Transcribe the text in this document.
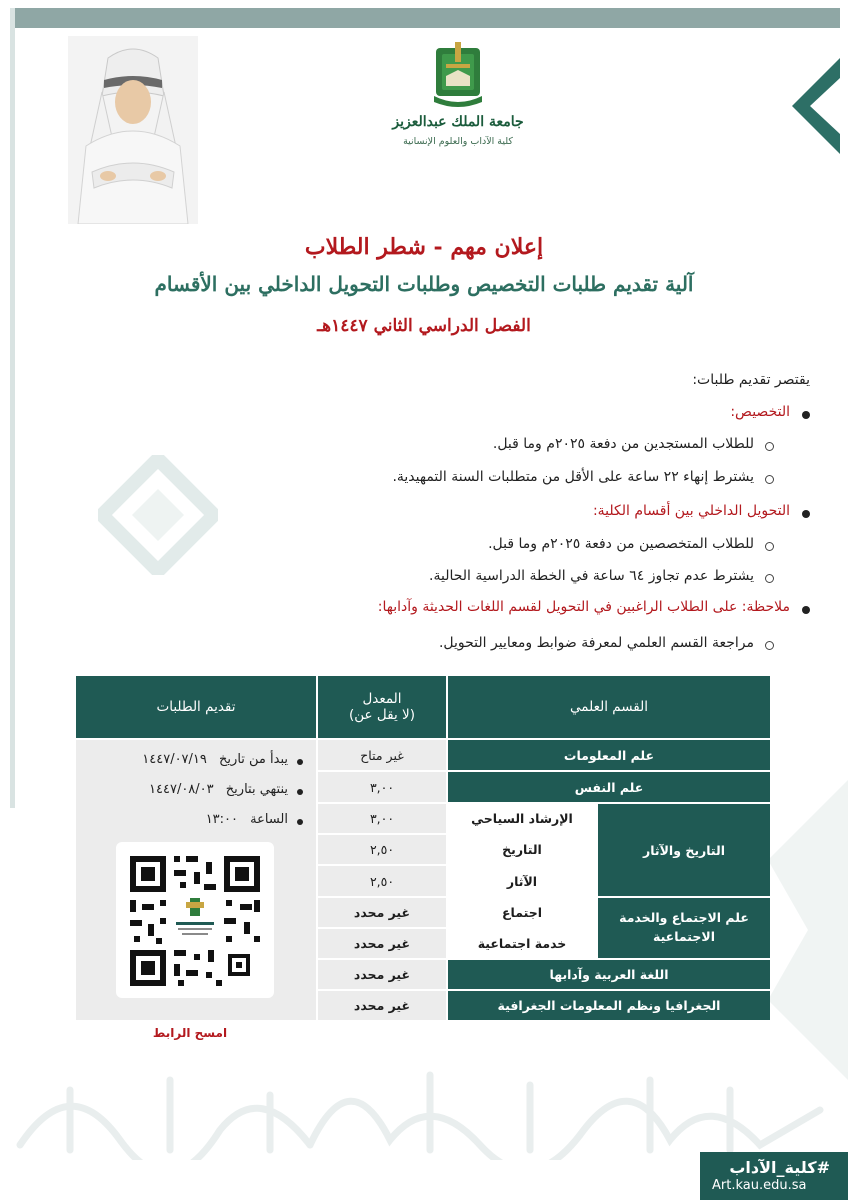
جامعة الملك عبدالعزيز
كلية الآداب والعلوم الإنسانية
إعلان مهم - شطر الطلاب
آلية تقديم طلبات التخصيص وطلبات التحويل الداخلي بين الأقسام
الفصل الدراسي الثاني ١٤٤٧هـ
يقتصر تقديم طلبات:
التخصيص:
للطلاب المستجدين من دفعة ٢٠٢٥م وما قبل.
يشترط إنهاء ٢٢ ساعة على الأقل من متطلبات السنة التمهيدية.
التحويل الداخلي بين أقسام الكلية:
للطلاب المتخصصين من دفعة ٢٠٢٥م وما قبل.
يشترط عدم تجاوز ٦٤ ساعة في الخطة الدراسية الحالية.
ملاحظة: على الطلاب الراغبين في التحويل لقسم اللغات الحديثة وآدابها:
مراجعة القسم العلمي لمعرفة ضوابط ومعايير التحويل.
القسم العلمي
المعدل
(لا يقل عن)
تقديم الطلبات
علم المعلومات
غير متاح
علم النفس
٣,٠٠
التاريخ والآثار
الإرشاد السياحي
٣,٠٠
التاريخ
٢,٥٠
الآثار
٢,٥٠
علم الاجتماع والخدمة الاجتماعية
اجتماع
غير محدد
خدمة اجتماعية
غير محدد
اللغة العربية وآدابها
غير محدد
الجغرافيا ونظم المعلومات الجغرافية
غير محدد
يبدأ من تاريخ ١٤٤٧/٠٧/١٩
ينتهي بتاريخ ١٤٤٧/٠٨/٠٣
الساعة ١٣:٠٠
امسح الرابط
#كلية_الآداب
Art.kau.edu.sa
